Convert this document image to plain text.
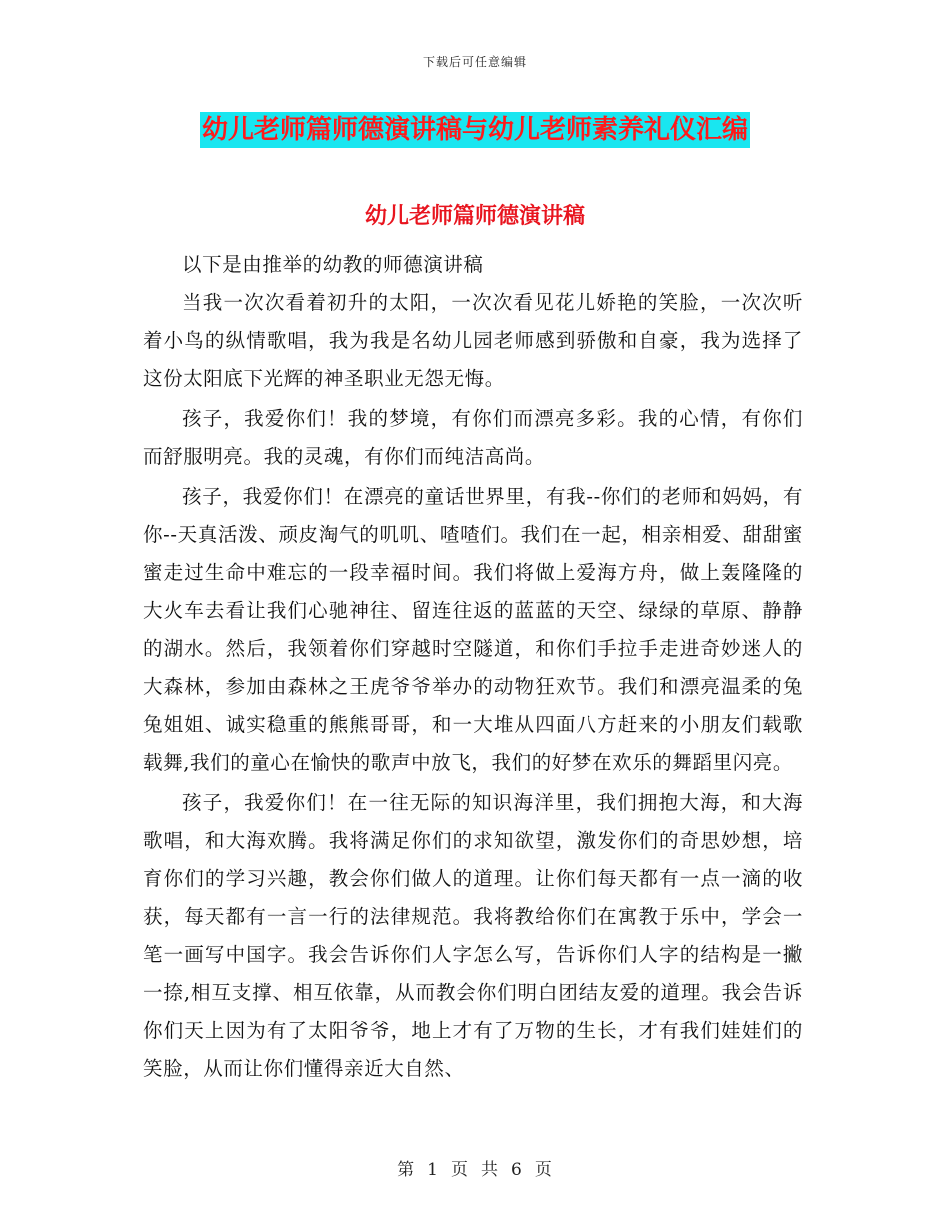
下载后可任意编辑
幼儿老师篇师德演讲稿与幼儿老师素养礼仪汇编
幼儿老师篇师德演讲稿

以下是由推举的幼教的师德演讲稿

当我一次次看着初升的太阳，一次次看见花儿娇艳的笑脸，一次次听着小鸟的纵情歌唱，我为我是名幼儿园老师感到骄傲和自豪，我为选择了这份太阳底下光辉的神圣职业无怨无悔。

孩子，我爱你们！我的梦境，有你们而漂亮多彩。我的心情，有你们而舒服明亮。我的灵魂，有你们而纯洁高尚。

孩子，我爱你们！在漂亮的童话世界里，有我--你们的老师和妈妈，有你--天真活泼、顽皮淘气的叽叽、喳喳们。我们在一起，相亲相爱、甜甜蜜蜜走过生命中难忘的一段幸福时间。我们将做上爱海方舟，做上轰隆隆的大火车去看让我们心驰神往、留连往返的蓝蓝的天空、绿绿的草原、静静的湖水。然后，我领着你们穿越时空隧道，和你们手拉手走进奇妙迷人的大森林，参加由森林之王虎爷爷举办的动物狂欢节。我们和漂亮温柔的兔兔姐姐、诚实稳重的熊熊哥哥，和一大堆从四面八方赶来的小朋友们载歌载舞,我们的童心在愉快的歌声中放飞，我们的好梦在欢乐的舞蹈里闪亮。

孩子，我爱你们！在一往无际的知识海洋里，我们拥抱大海，和大海歌唱，和大海欢腾。我将满足你们的求知欲望，激发你们的奇思妙想，培育你们的学习兴趣，教会你们做人的道理。让你们每天都有一点一滴的收获，每天都有一言一行的法律规范。我将教给你们在寓教于乐中，学会一笔一画写中国字。我会告诉你们人字怎么写，告诉你们人字的结构是一撇一捺,相互支撑、相互依靠，从而教会你们明白团结友爱的道理。我会告诉你们天上因为有了太阳爷爷，地上才有了万物的生长，才有我们娃娃们的笑脸，从而让你们懂得亲近大自然、

第 1 页 共 6 页
